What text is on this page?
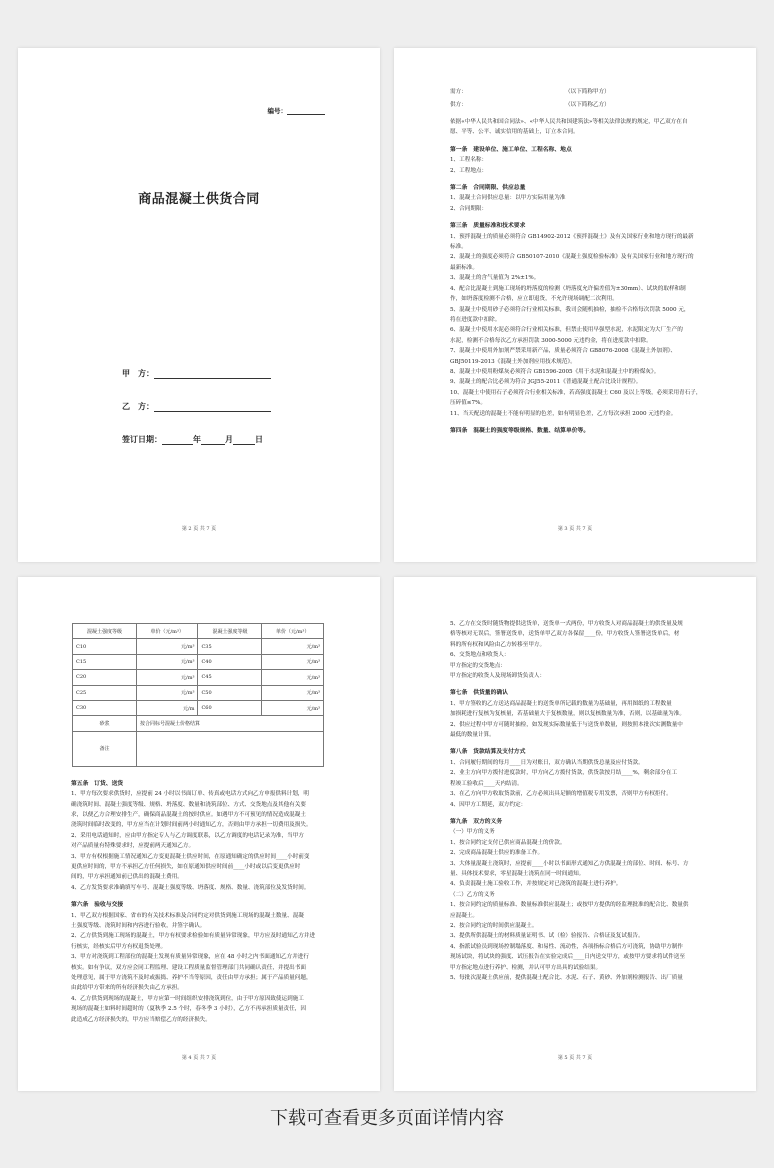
编号：
商品混凝土供货合同
甲　方：
乙　方：
签订日期：	年	月	日
第 2 页 共 7 页
需方：	（以下简称甲方）
供方：	（以下简称乙方）
依据«中华人民共和国合同法»、«中华人民共和国建筑法»等相关法律法规的规定，甲乙双方在自
愿、平等、公平、诚实信用的基础上，订立本合同。
第一条　建设单位、施工单位、工程名称、地点
1、工程名称：
2、工程地点：
第二条　合同期限、供应总量
1、混凝土合同供应总量：以甲方实际用量为准
2、合同期限：
第三条　质量标准和技术要求
1、预拌混凝土的质量必须符合 GB14902-2012《预拌混凝土》及有关国家行业和地方现行的最新
标准。
2、混凝土的强度必须符合 GB50107-2010《混凝土强度检验标准》及有关国家行业和地方现行的
最新标准。
3、混凝土的含气量值为 2%±1%。
4、配合比混凝土到施工现场的坍落度的检测（坍落度允许偏差值为±30mm）、试块的取样和制
作，如坍落度检测不合格，应立即退货，不允许现场调配二次利用。
5、混凝土中使用砂子必须符合行业相关标准，我司会随机抽检，抽检不合格每次罚款 5000 元，
将在进度款中扣除。
6、混凝土中使用水泥必须符合行业相关标准，但禁止使用早强型水泥，水泥限定为大厂生产的
水泥，检测不合格每次乙方承担罚款 3000-5000 元违约金，将在进度款中扣除。
7、混凝土中使用外加剂严禁采用新产品，质量必须符合 GB8076-2008《混凝土外加剂》、
GBJ50119-2013《混凝土外加剂应用技术规范》。
8、混凝土中使用粉煤灰必须符合 GB1596-2005《用于水泥和混凝土中的粉煤灰》。
9、混凝土的配合比必须为符合 JGJ55-2011《普通混凝土配合比设计规程》。
10、混凝土中使用石子必须符合行业相关标准，若高强度混凝土 C60 及以上等级，必须采用青石子，
压碎值≤7%。
11、当天配送的混凝土不能有明显的色差，如有明显色差，乙方每次承担 2000 元违约金。
第四条　混凝土的强度等级规格、数量、结算单价等。
第 3 页 共 7 页
混凝土强度等级	单价（元/m³）	混凝土强度等级	单价（元/m³）
C10	元/m³	C35	元/m³
C15	元/m³	C40	元/m³
C20	元/m³	C45	元/m³
C25	元/m³	C50	元/m³
C30	元/m	C60	元/m³
砂浆	按合同标号混凝土价格结算		
备注			
第五条　订货、送货
1、甲方每次要求供货时，应提前 24 小时以书面订单、传真或电话方式向乙方申报供料计划，明
确浇筑时间、混凝土强度等级、规格、坍落度、数量和浇筑部位、方式、交货地点及其他有关要
求，以便乙方合理安排生产，确保商品混凝土的按时供应。如遇甲方不可预见的情况造成混凝土
浇筑时间临时改变的，甲方应当在计划时间前两小时通知乙方，否则由甲方承担一切费用及损失。
2、采用电话通知时，应由甲方指定专人与乙方调度联系，以乙方调度的电话记录为准，当甲方
对产品质量有特殊要求时，应提前两天通知乙方。
3、甲方有权根据施工情况通知乙方变更混凝土供应时间，在原通知确定的供应时间____小时前变
更供应时间的，甲方不承担乙方任何损失，如在原通知供应时间前____小时或以后变更供应时
间的，甲方承担通知前已供出的混凝土费用。
4、乙方发货要求准确填写车号、混凝土强度等级、坍落度、规格、数量、浇筑部位及发货时间。
第六条　验收与交接
1、甲乙双方根据国家、省市的有关技术标准及合同约定对供货到施工现场的混凝土数量、混凝
土强度等级、浇筑时间和内容进行验收，并签字确认。
2、乙方供货到施工现场的混凝土，甲方有权要求检验如有质量异常现象，甲方应及时通知乙方并进
行核实，经核实后甲方有权退货处理。
3、甲方对浇筑到工程部位的混凝土发现有质量异常现象，应在 48 小时之内书面通知乙方并进行
核实。如有争议，双方应会同工程监理、建设工程质量监督管理部门共同确认责任，并提出书面
处理意见，属于甲方浇筑不及时或振捣、养护不当等原因，责任由甲方承担；属于产品质量问题，
由此给甲方带来的所有经济损失由乙方承担。
4、乙方供货到现场的混凝土，甲方应第一时间组织安排浇筑到位，由于甲方原因致使运到施工
现场的混凝土如料时间超时的（夏秋季 2.5 个时，春冬季 3 小时），乙方不再承担质量责任，因
此造成乙方经济损失的，甲方应当赔偿乙方的经济损失。
第 4 页 共 7 页
5、乙方在交货时随货物提供送货单，送货单一式两份，甲方收货人对商品混凝土的供货量及规
格等核对无误后，签署送货单，送货单甲乙双方各保留____份，甲方收货人签署送货单后，材
料的所有权和风险由乙方转移至甲方。
6、交货地点和收货人：
甲方指定的交货地点：
甲方指定的收货人及现场卸货负责人：
第七条　供货量的确认
1、甲方签收的乙方送达商品混凝土的送货单所记载的数量为基础量，再用图纸的工程数量
加损耗进行复核为复核量，若基础量大于复核数量，则以复核数量为准，否则，以基础量为准。
2、供应过程中甲方可随时抽检，如发现实际数量低于与送货单数量，则按照本批次实测数量中
最低的数量计算。
第八条　货款结算及支付方式
1、合同履行期间的每月____日为对账日，双方确认当期供货总量及应付货款。
2、业主方向甲方拨付进度款时，甲方向乙方拨付货款，供货款按月结____%，剩余部分在工
程竣工验收后____天内结清。
3、在乙方向甲方收取货款前，乙方必须出具足额的增值税专用发票，否则甲方有权拒付。
4、因甲方工期延，双方约定：
第九条　双方的义务
（一）甲方的义务
1、按合同约定支付已供应商品混凝土的价款。
2、完成商品混凝土供应的准备工作。
3、大体量混凝土浇筑时，应提前____小时以书面形式通知乙方供混凝土的部位、时间、标号、方
量、具体技术要求，零星混凝土浇筑在同一时间通知。
4、负责混凝土施工验收工作，并按规定对已浇筑的混凝土进行养护。
（二）乙方的义务
1、按合同约定的质量标准、数量标准供应混凝土；或按甲方提供的经监理批准的配合比、数量供
应混凝土。
2、按合同约定的时间供应混凝土。
3、提供所供混凝土的材料质量证明书、试（检）验报告、合格证及复试报告。
4、指派试验员到现场控制塌落度、和易性、流动性，各项指标合格后方可浇筑，协助甲方制作
现场试块，将试块的强度、试压报告在实验完成后____日内送交甲方，或按甲方要求将试件送至
甲方指定地点进行养护、检测，并认可甲方出具的试验结果。
5、每批次混凝土供应前，提供混凝土配合比、水泥、石子、黄砂、外加剂检测报告、出厂质量
第 5 页 共 7 页
下载可查看更多页面详情内容
